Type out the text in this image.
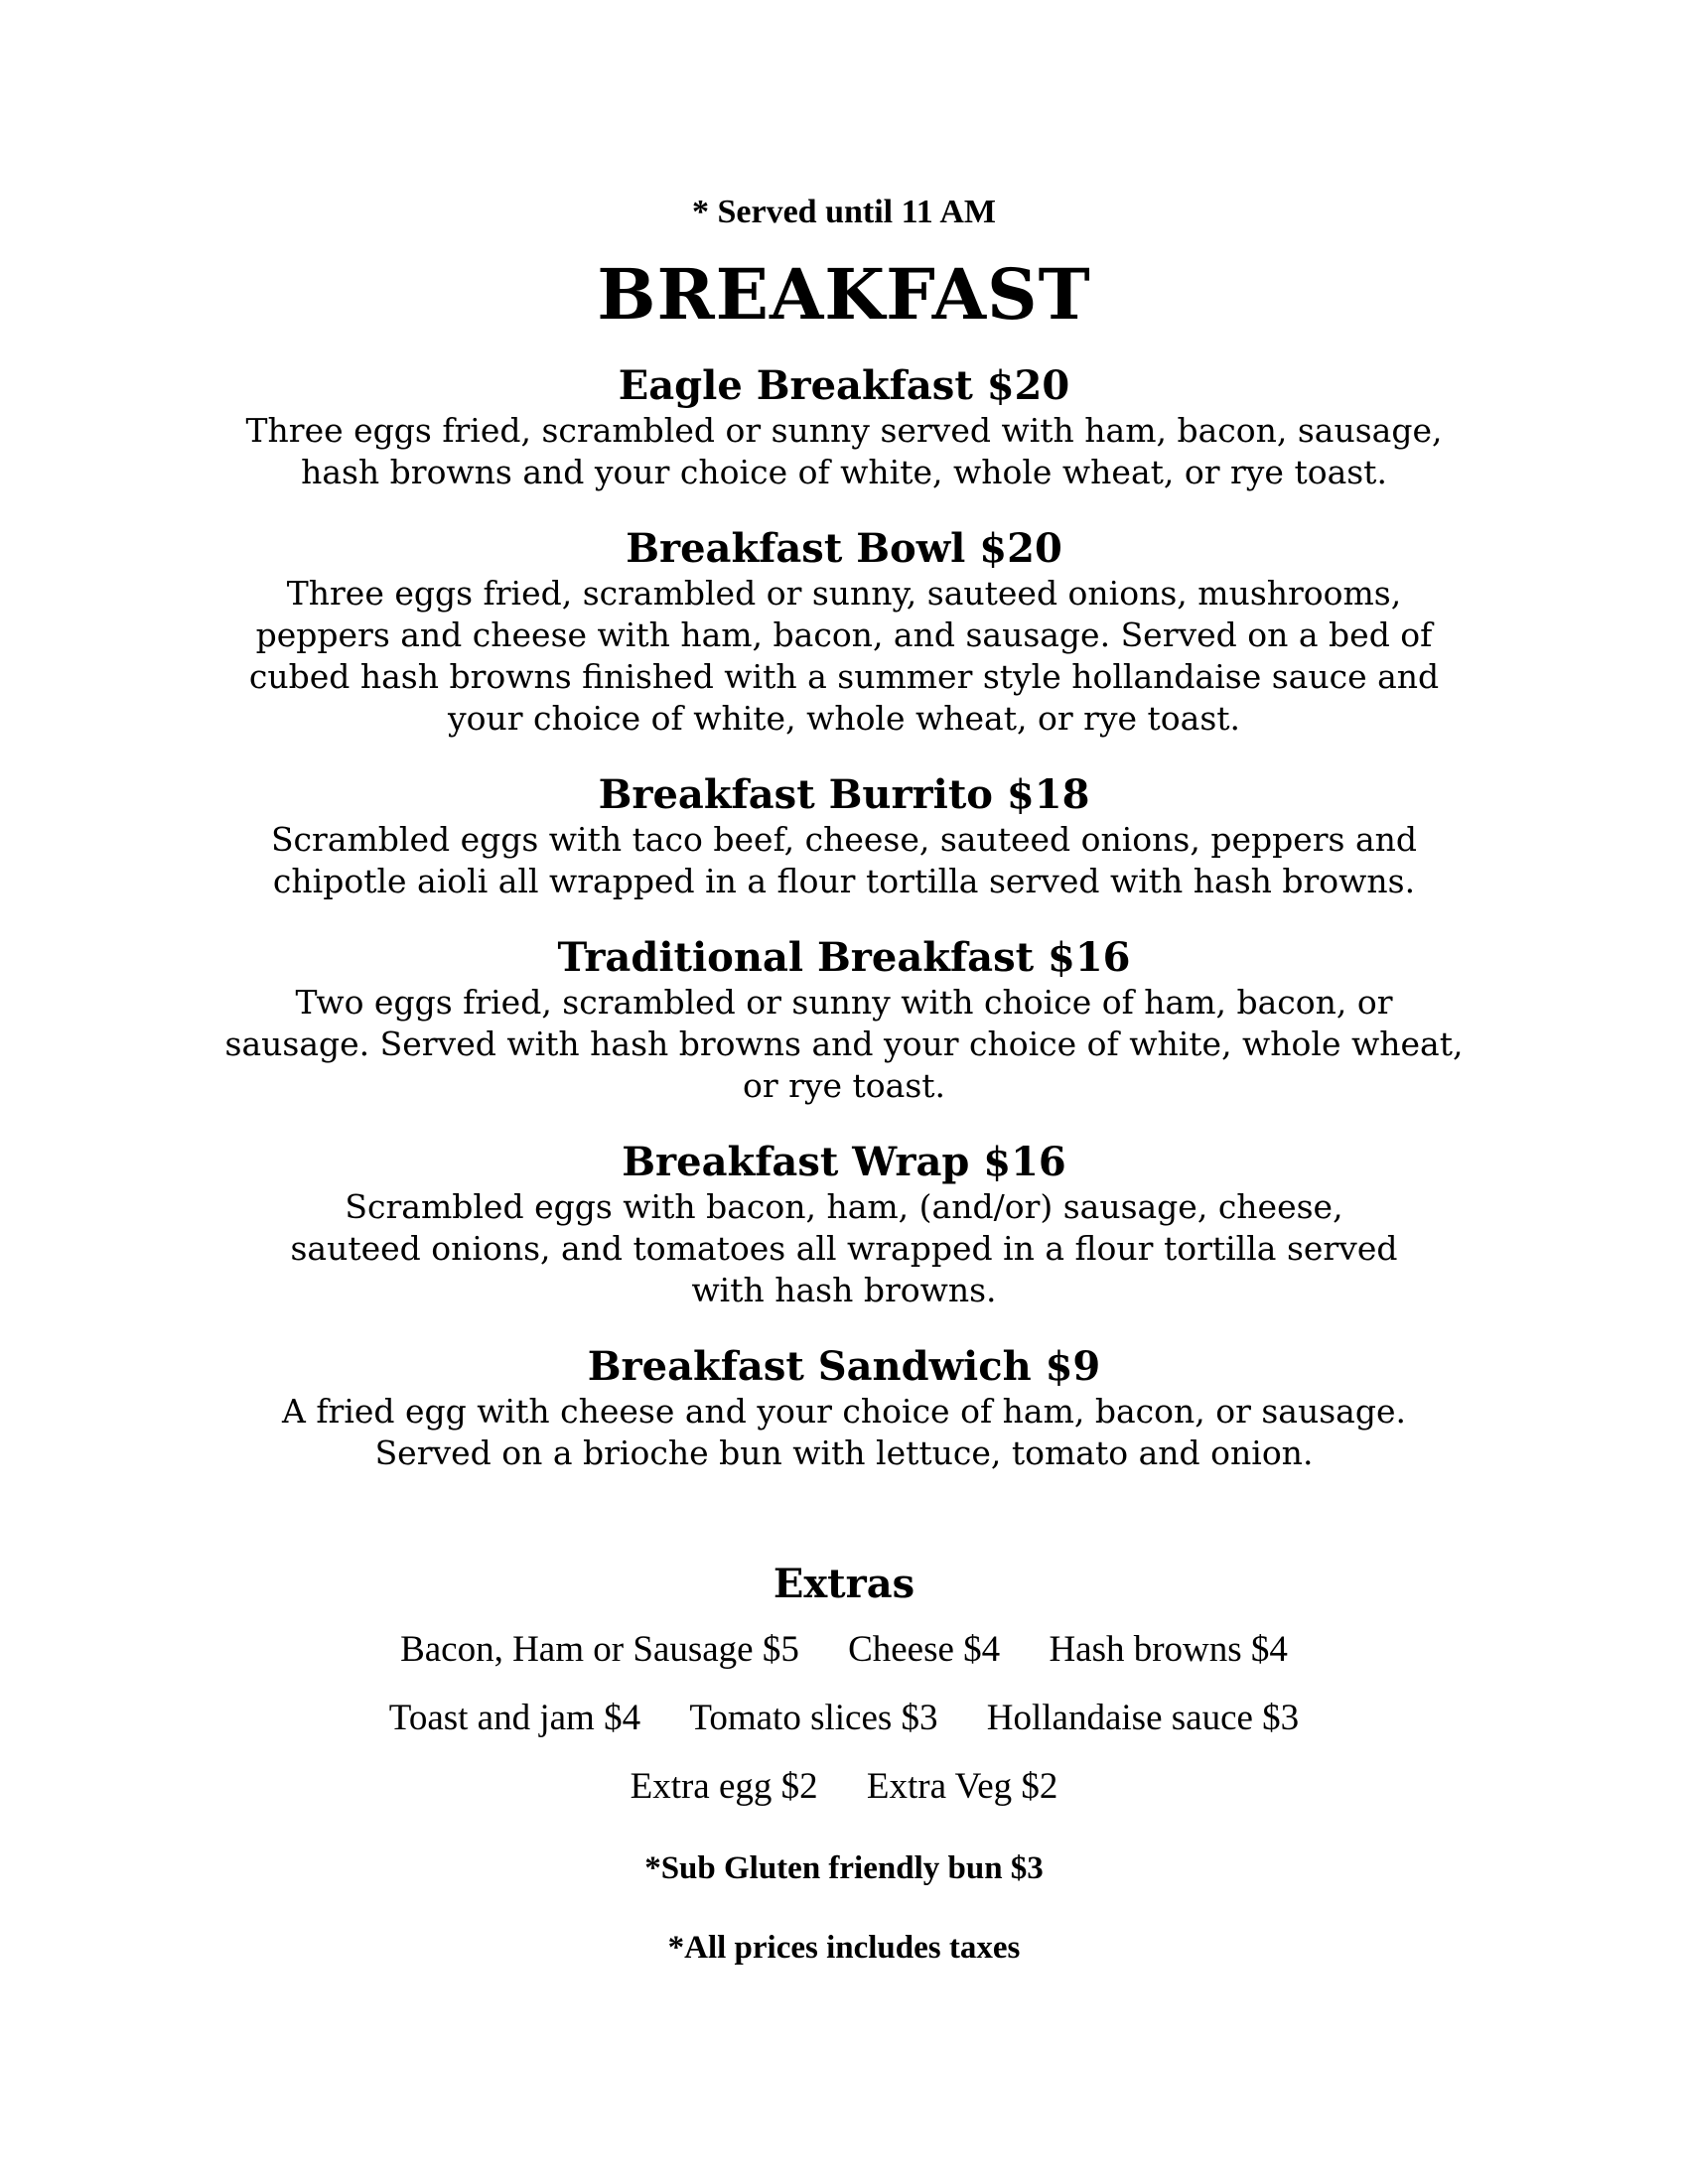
* Served until 11 AM
BREAKFAST
Eagle Breakfast $20
Three eggs fried, scrambled or sunny served with ham, bacon, sausage,
hash browns and your choice of white, whole wheat, or rye toast.
Breakfast Bowl $20
Three eggs fried, scrambled or sunny, sauteed onions, mushrooms,
peppers and cheese with ham, bacon, and sausage. Served on a bed of
cubed hash browns finished with a summer style hollandaise sauce and
your choice of white, whole wheat, or rye toast.
Breakfast Burrito $18
Scrambled eggs with taco beef, cheese, sauteed onions, peppers and
chipotle aioli all wrapped in a flour tortilla served with hash browns.
Traditional Breakfast $16
Two eggs fried, scrambled or sunny with choice of ham, bacon, or
sausage. Served with hash browns and your choice of white, whole wheat,
or rye toast.
Breakfast Wrap $16
Scrambled eggs with bacon, ham, (and/or) sausage, cheese,
sauteed onions, and tomatoes all wrapped in a flour tortilla served
with hash browns.
Breakfast Sandwich $9
A fried egg with cheese and your choice of ham, bacon, or sausage.
Served on a brioche bun with lettuce, tomato and onion.
Extras
Bacon, Ham or Sausage $5 Cheese $4 Hash browns $4
Toast and jam $4 Tomato slices $3 Hollandaise sauce $3
Extra egg $2 Extra Veg $2
*Sub Gluten friendly bun $3
*All prices includes taxes
